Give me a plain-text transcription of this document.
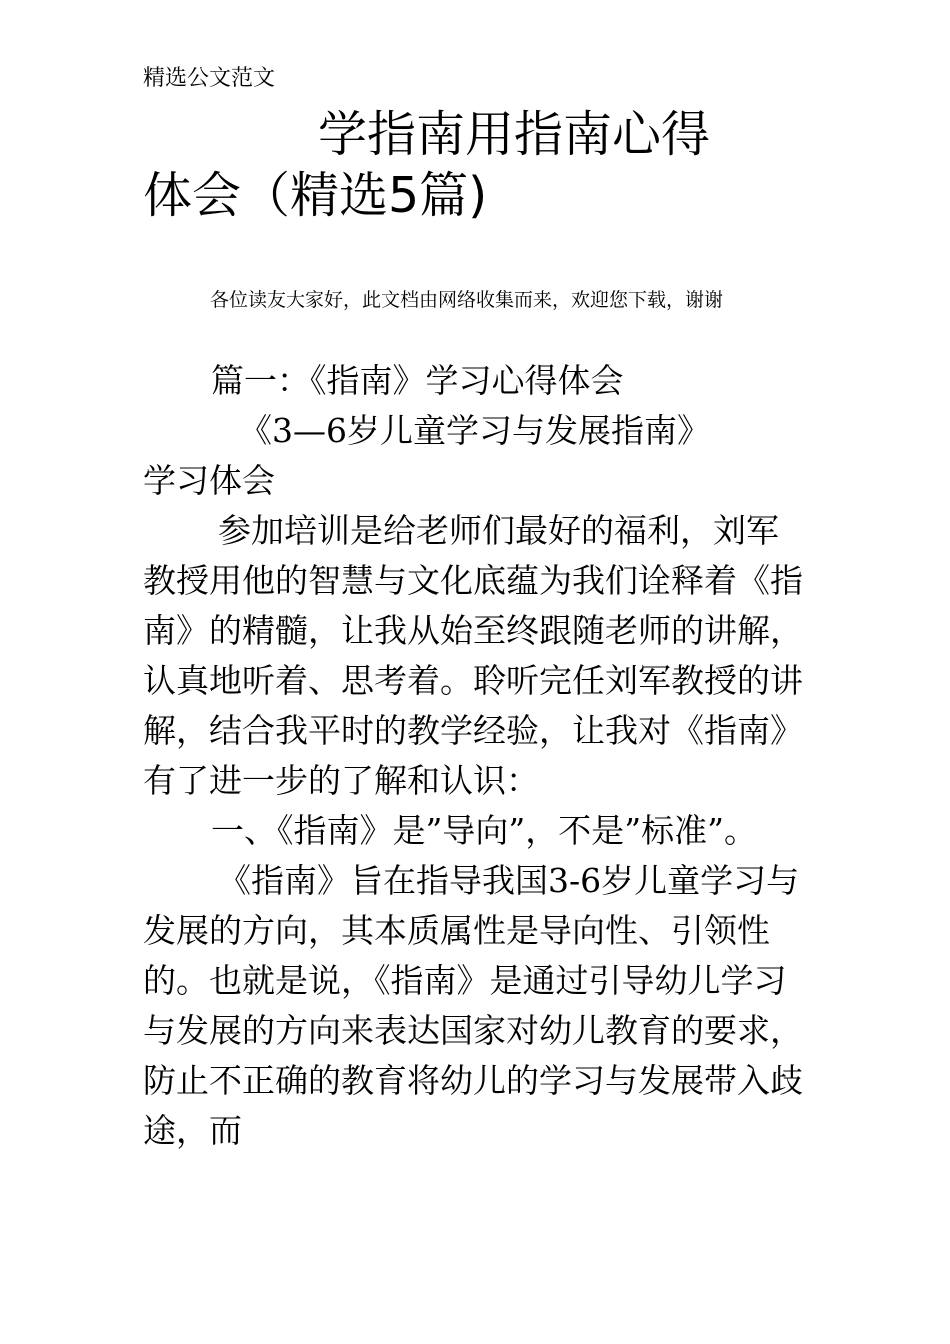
精选公文范文
学指南用指南心得
体会（精选5篇)
各位读友大家好，此文档由网络收集而来，欢迎您下载，谢谢

篇一：《指南》学习心得体会

《3—6岁儿童学习与发展指南》
学习体会

参加培训是给老师们最好的福利，刘军教授用他的智慧与文化底蕴为我们诠释着《指南》的精髓，让我从始至终跟随老师的讲解，认真地听着、思考着。聆听完任刘军教授的讲解，结合我平时的教学经验，让我对《指南》有了进一步的了解和认识：

一、《指南》是”导向”，不是”标准”。

《指南》旨在指导我国3-6岁儿童学习与发展的方向，其本质属性是导向性、引领性的。也就是说，《指南》是通过引导幼儿学习与发展的方向来表达国家对幼儿教育的要求，防止不正确的教育将幼儿的学习与发展带入歧途，而
